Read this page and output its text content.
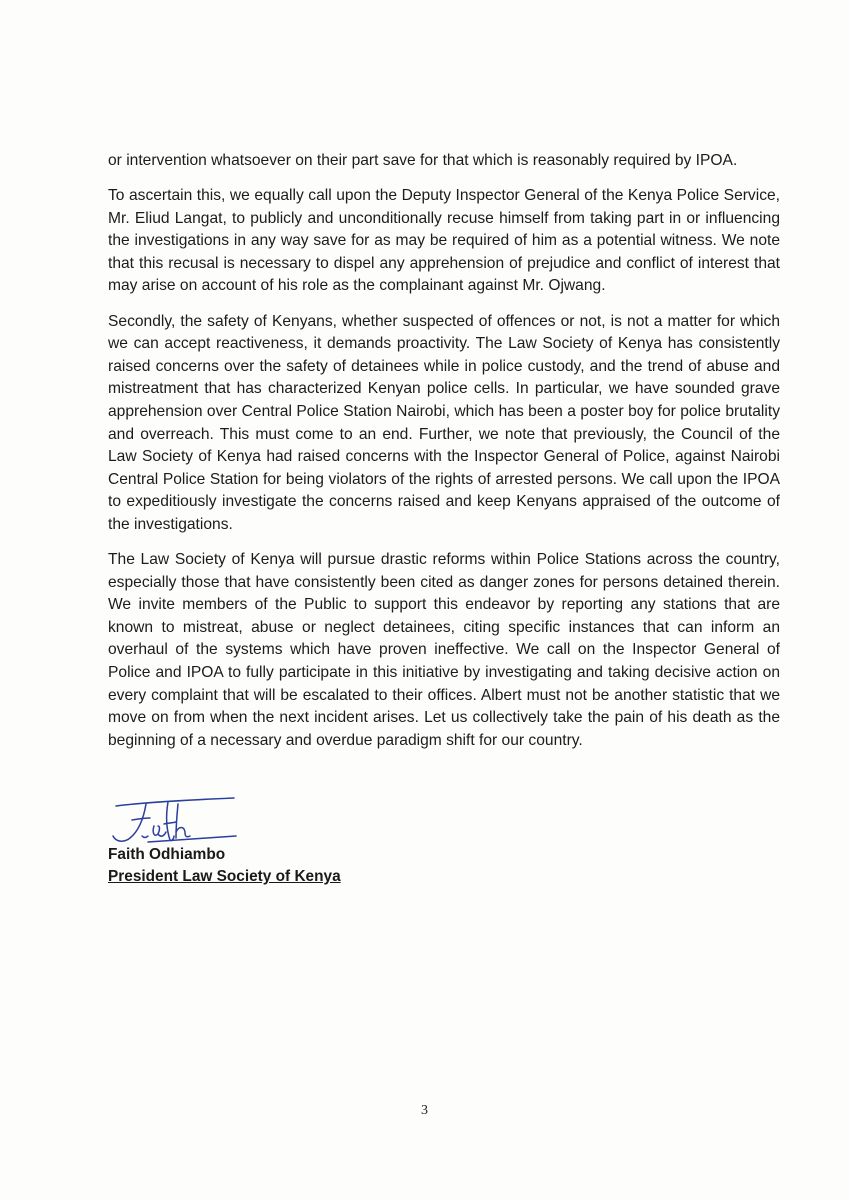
or intervention whatsoever on their part save for that which is reasonably required by IPOA.

To ascertain this, we equally call upon the Deputy Inspector General of the Kenya Police Service, Mr. Eliud Langat, to publicly and unconditionally recuse himself from taking part in or influencing the investigations in any way save for as may be required of him as a potential witness. We note that this recusal is necessary to dispel any apprehension of prejudice and conflict of interest that may arise on account of his role as the complainant against Mr. Ojwang.

Secondly, the safety of Kenyans, whether suspected of offences or not, is not a matter for which we can accept reactiveness, it demands proactivity. The Law Society of Kenya has consistently raised concerns over the safety of detainees while in police custody, and the trend of abuse and mistreatment that has characterized Kenyan police cells. In particular, we have sounded grave apprehension over Central Police Station Nairobi, which has been a poster boy for police brutality and overreach. This must come to an end. Further, we note that previously, the Council of the Law Society of Kenya had raised concerns with the Inspector General of Police, against Nairobi Central Police Station for being violators of the rights of arrested persons. We call upon the IPOA to expeditiously investigate the concerns raised and keep Kenyans appraised of the outcome of the investigations.

The Law Society of Kenya will pursue drastic reforms within Police Stations across the country, especially those that have consistently been cited as danger zones for persons detained therein. We invite members of the Public to support this endeavor by reporting any stations that are known to mistreat, abuse or neglect detainees, citing specific instances that can inform an overhaul of the systems which have proven ineffective. We call on the Inspector General of Police and IPOA to fully participate in this initiative by investigating and taking decisive action on every complaint that will be escalated to their offices. Albert must not be another statistic that we move on from when the next incident arises. Let us collectively take the pain of his death as the beginning of a necessary and overdue paradigm shift for our country.

Faith Odhiambo
President Law Society of Kenya
3
